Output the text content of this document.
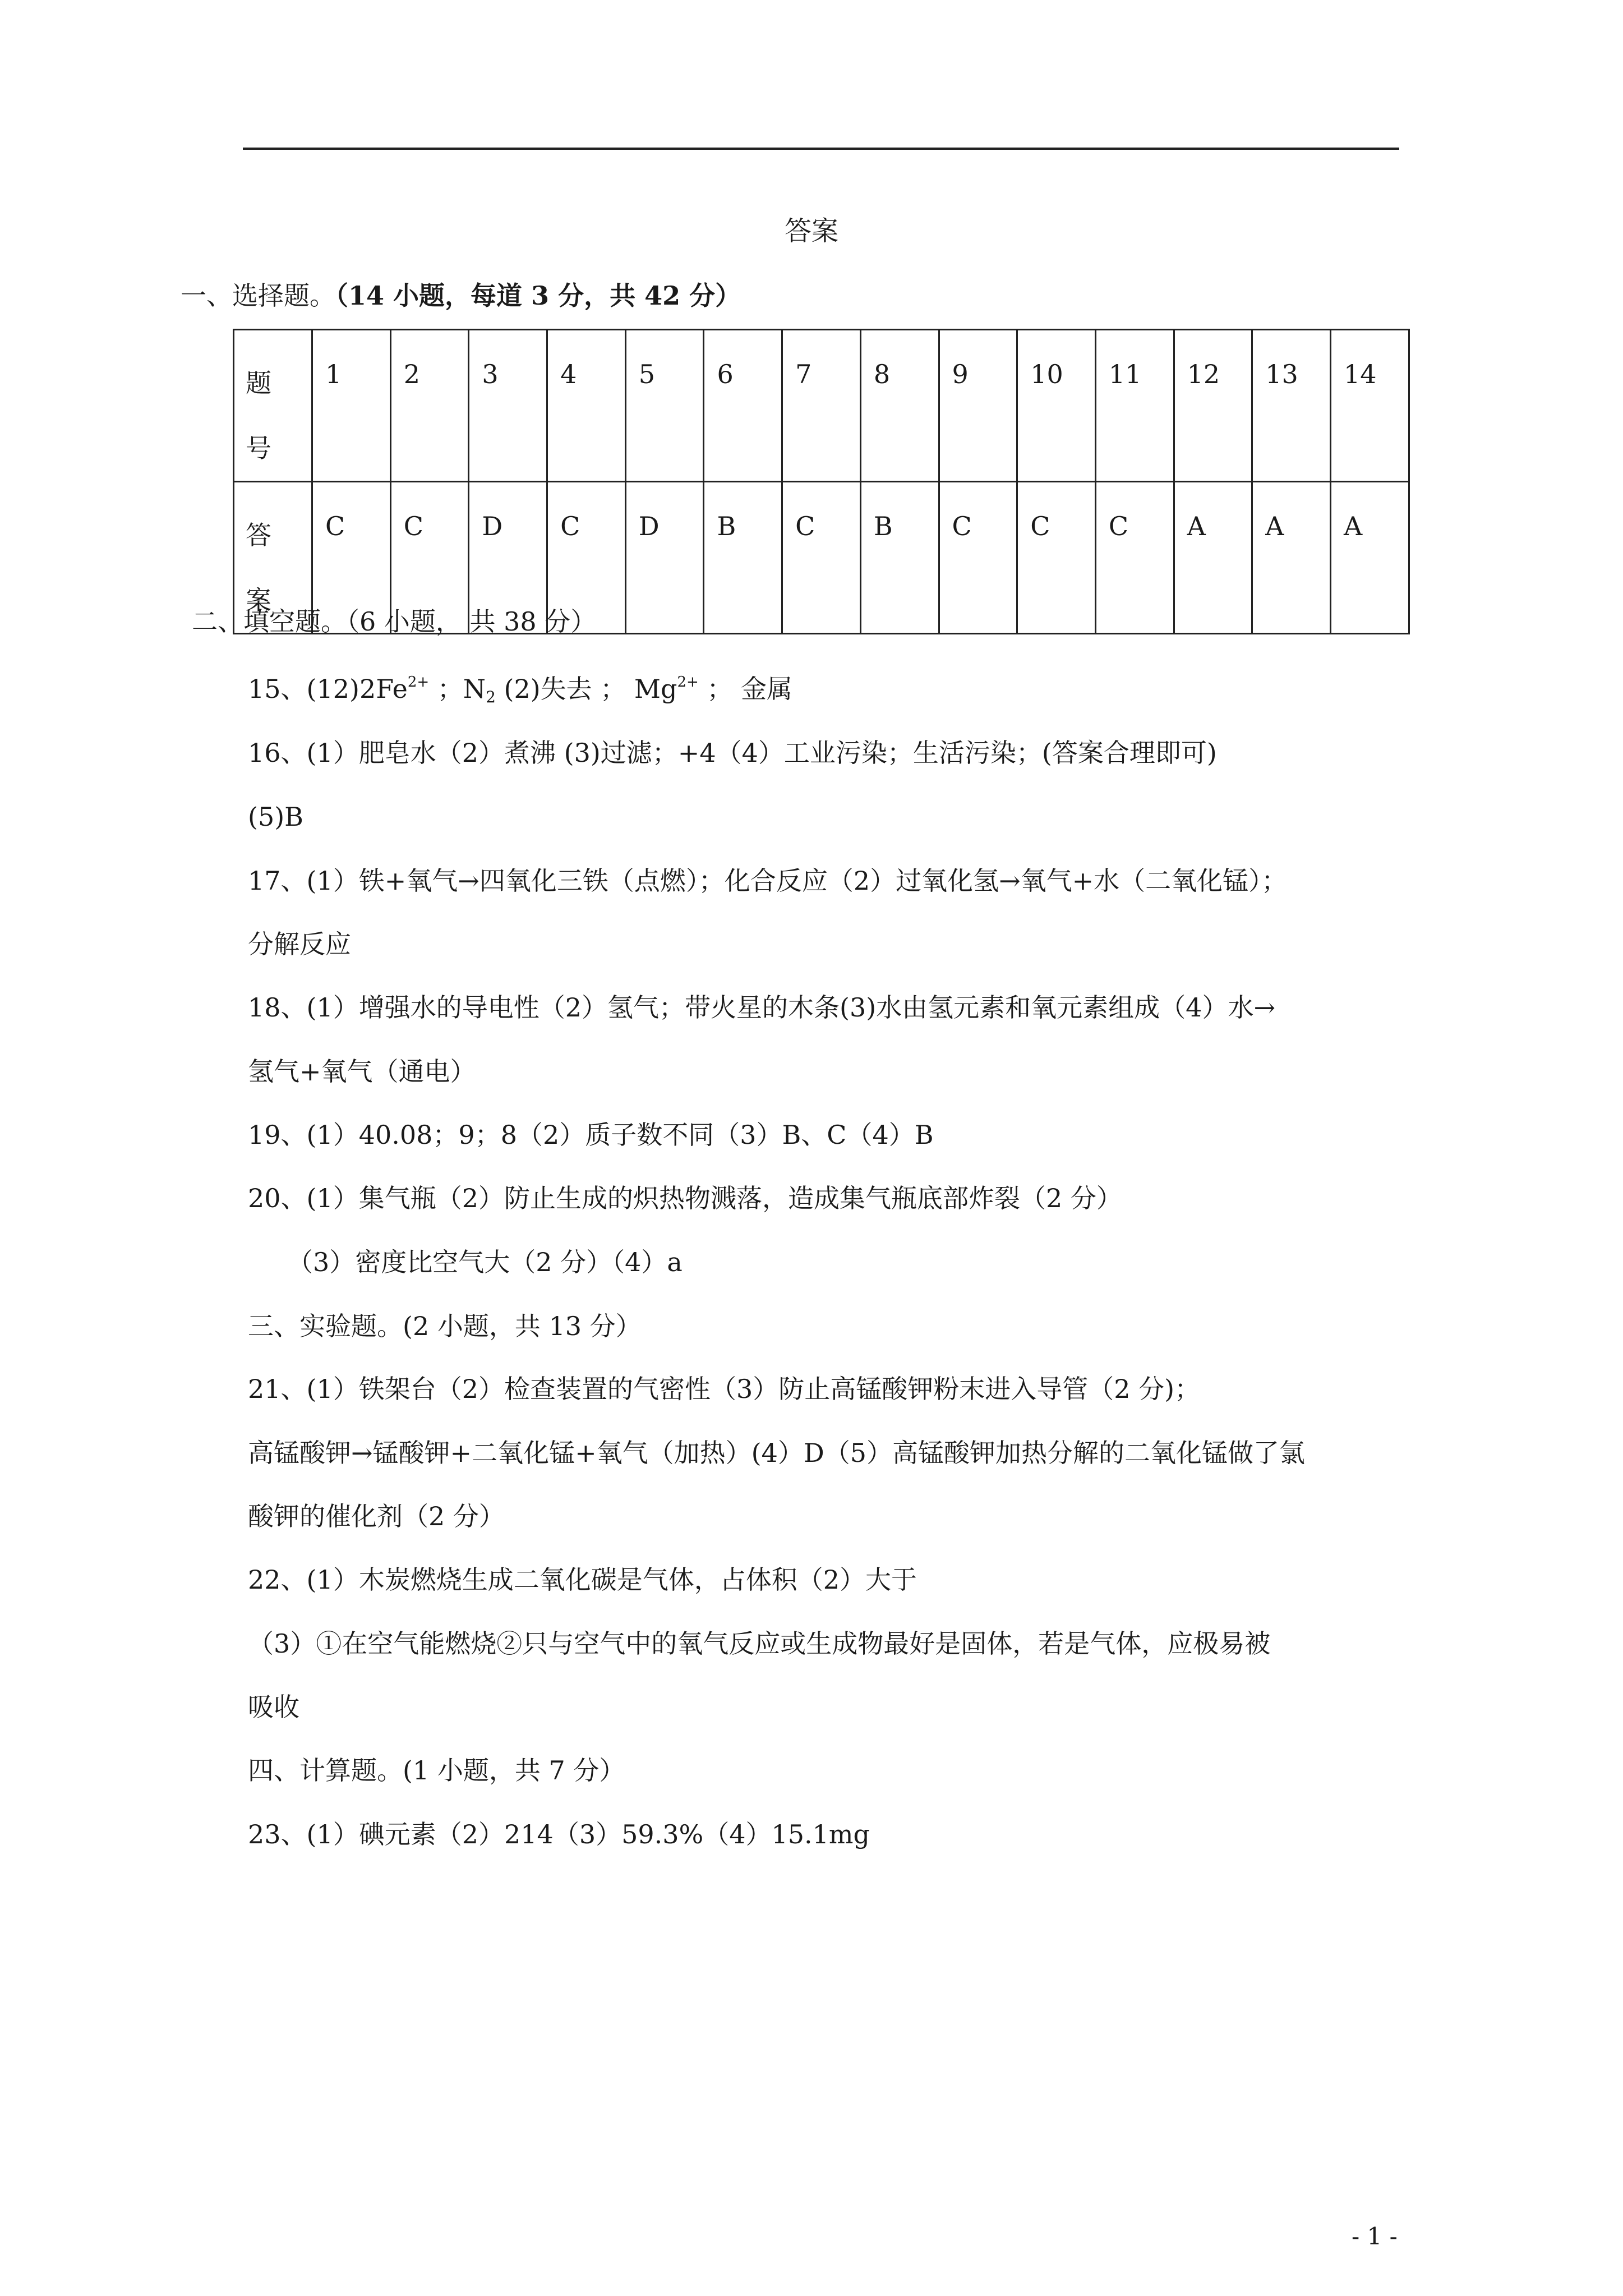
答案
一、选择题。（14 小题，每道 3 分，共 42 分）
题
号	1	2	3	4	5	6	7	8	9	10	11	12	13	14

答
案	C	C	D	C	D	B	C	B	C	C	C	A	A	A
二、填空题。（6 小题， 共 38 分）
15、$(12)2Fe^{2+}$ ；$N_2$ (2)失去 ； $Mg^{2+}$ ； 金属
16、(1）肥皂水（2）煮沸 (3)过滤；+4（4）工业污染；生活污染；(答案合理即可)
(5)B
17、(1）铁+氧气→四氧化三铁（点燃）；化合反应（2）过氧化氢→氧气+水（二氧化锰）；
分解反应
18、(1）增强水的导电性（2）氢气；带火星的木条(3)水由氢元素和氧元素组成（4）水→
氢气+氧气（通电）
19、(1）40.08；9；8（2）质子数不同（3）B、C（4）B
20、(1）集气瓶（2）防止生成的炽热物溅落，造成集气瓶底部炸裂（2 分）
（3）密度比空气大（2 分）（4）a
三、实验题。(2 小题，共 13 分）
21、(1）铁架台（2）检查装置的气密性（3）防止高锰酸钾粉末进入导管（2 分)；
高锰酸钾→锰酸钾+二氧化锰+氧气（加热）(4）D（5）高锰酸钾加热分解的二氧化锰做了氯
酸钾的催化剂（2 分）
22、(1）木炭燃烧生成二氧化碳是气体，占体积（2）大于
（3）①在空气能燃烧②只与空气中的氧气反应或生成物最好是固体，若是气体，应极易被
吸收
四、计算题。(1 小题，共 7 分）
23、(1）碘元素（2）214（3）59.3%（4）15.1mg
- 1 -
